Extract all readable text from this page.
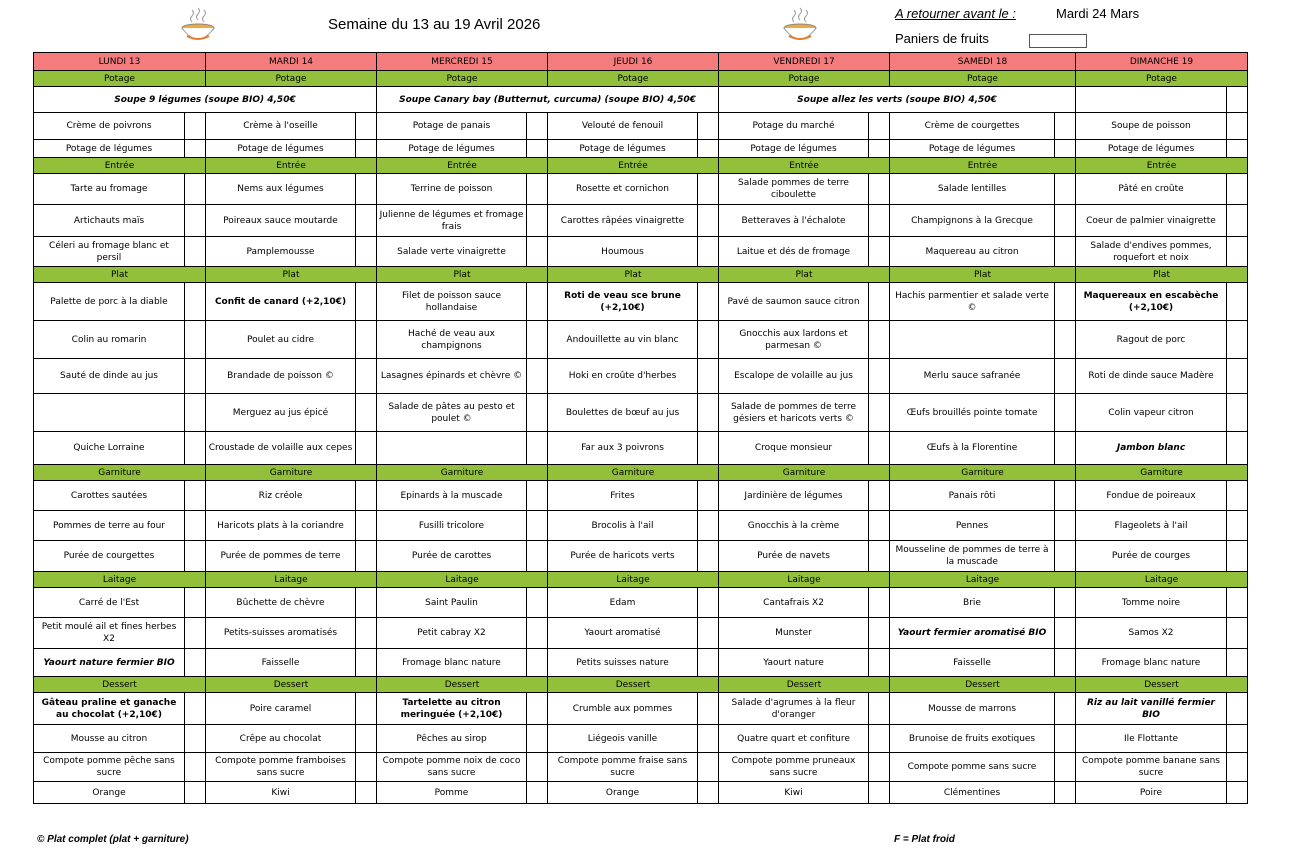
Semaine du 13 au 19 Avril 2026
A retourner avant le :	Mardi 24 Mars
Paniers de fruits
LUNDI 13		MARDI 14		MERCREDI 15		JEUDI 16		VENDREDI 17		SAMEDI 18		DIMANCHE 19	
Potage		Potage		Potage		Potage		Potage		Potage		Potage	
Soupe 9 légumes (soupe BIO) 4,50€				Soupe Canary bay (Butternut, curcuma) (soupe BIO) 4,50€				Soupe allez les verts (soupe BIO) 4,50€					
Crème de poivrons		Crème à l'oseille		Potage de panais		Velouté de fenouil		Potage du marché		Crème de courgettes		Soupe de poisson	
Potage de légumes		Potage de légumes		Potage de légumes		Potage de légumes		Potage de légumes		Potage de légumes		Potage de légumes	
Entrée		Entrée		Entrée		Entrée		Entrée		Entrée		Entrée	
Tarte au fromage		Nems aux légumes		Terrine de poisson		Rosette et cornichon		Salade pommes de terre ciboulette		Salade lentilles		Pâté en croûte	
Artichauts maïs		Poireaux sauce moutarde		Julienne de légumes et fromage frais		Carottes râpées vinaigrette		Betteraves à l'échalote		Champignons à la Grecque		Coeur de palmier vinaigrette	
Céleri au fromage blanc et persil		Pamplemousse		Salade verte vinaigrette		Houmous		Laitue et dés de fromage		Maquereau au citron		Salade d'endives pommes, roquefort et noix	
Plat		Plat		Plat		Plat		Plat		Plat		Plat	
Palette de porc à la diable		Confit de canard (+2,10€)		Filet de poisson sauce hollandaise		Roti de veau sce brune (+2,10€)		Pavé de saumon sauce citron		Hachis parmentier et salade verte ©		Maquereaux en escabèche (+2,10€)	
Colin au romarin		Poulet au cidre		Haché de veau aux champignons		Andouillette au vin blanc		Gnocchis aux lardons et parmesan ©				Ragout de porc	
Sauté de dinde au jus		Brandade de poisson ©		Lasagnes épinards et chèvre ©		Hoki en croûte d'herbes		Escalope de volaille au jus		Merlu sauce safranée		Roti de dinde sauce Madère	
		Merguez au jus épicé		Salade de pâtes au pesto et poulet ©		Boulettes de bœuf au jus		Salade de pommes de terre gésiers et haricots verts ©		Œufs brouillés pointe tomate		Colin vapeur citron	
Quiche Lorraine		Croustade de volaille aux cepes				Far aux 3 poivrons		Croque monsieur		Œufs à la Florentine		Jambon blanc	
Garniture		Garniture		Garniture		Garniture		Garniture		Garniture		Garniture	
Carottes sautées		Riz créole		Epinards à la muscade		Frites		Jardinière de légumes		Panais rôti		Fondue de poireaux	
Pommes de terre au four		Haricots plats à la coriandre		Fusilli tricolore		Brocolis à l'ail		Gnocchis à la crème		Pennes		Flageolets à l'ail	
Purée de courgettes		Purée de pommes de terre		Purée de carottes		Purée de haricots verts		Purée de navets		Mousseline de pommes de terre à la muscade		Purée de courges	
Laitage		Laitage		Laitage		Laitage		Laitage		Laitage		Laitage	
Carré de l'Est		Bûchette de chèvre		Saint Paulin		Edam		Cantafrais X2		Brie		Tomme noire	
Petit moulé ail et fines herbes X2		Petits-suisses aromatisés		Petit cabray X2		Yaourt aromatisé		Munster		Yaourt fermier aromatisé BIO		Samos X2	
Yaourt nature fermier BIO		Faisselle		Fromage blanc nature		Petits suisses nature		Yaourt nature		Faisselle		Fromage blanc nature	
Dessert		Dessert		Dessert		Dessert		Dessert		Dessert		Dessert	
Gâteau praline et ganache au chocolat (+2,10€)		Poire caramel		Tartelette au citron meringuée (+2,10€)		Crumble aux pommes		Salade d'agrumes à la fleur d'oranger		Mousse de marrons		Riz au lait vanillé fermier BIO	
Mousse au citron		Crêpe au chocolat		Pêches au sirop		Liégeois vanille		Quatre quart et confiture		Brunoise de fruits exotiques		Ile Flottante	
Compote pomme pêche sans sucre		Compote pomme framboises sans sucre		Compote pomme noix de coco sans sucre		Compote pomme fraise sans sucre		Compote pomme pruneaux sans sucre		Compote pomme sans sucre		Compote pomme banane sans sucre	
Orange		Kiwi		Pomme		Orange		Kiwi		Clémentines		Poire	
© Plat complet (plat + garniture)	F = Plat froid
